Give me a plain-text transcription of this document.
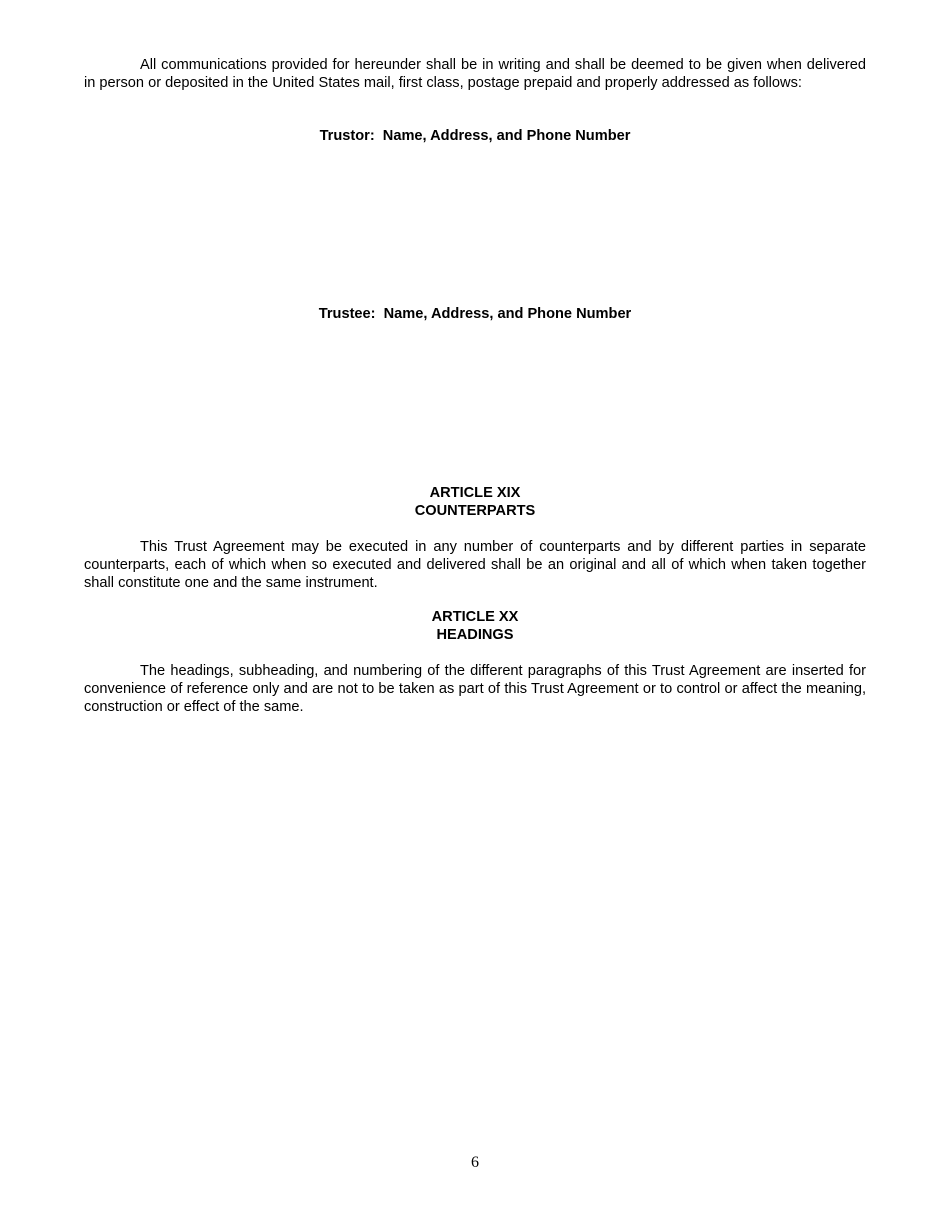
All communications provided for hereunder shall be in writing and shall be deemed to be given when delivered in person or deposited in the United States mail, first class, postage prepaid and properly addressed as follows:

Trustor:  Name, Address, and Phone Number

Trustee:  Name, Address, and Phone Number

ARTICLE XIX

COUNTERPARTS

This Trust Agreement may be executed in any number of counterparts and by different parties in separate counterparts, each of which when so executed and delivered shall be an original and all of which when taken together shall constitute one and the same instrument.

ARTICLE XX

HEADINGS

The headings, subheading, and numbering of the different paragraphs of this Trust Agreement are inserted for convenience of reference only and are not to be taken as part of this Trust Agreement or to control or affect the meaning, construction or effect of the same.

6
